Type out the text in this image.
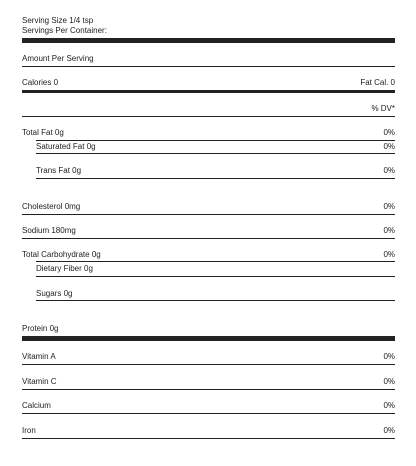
Serving Size 1/4 tsp
Servings Per Container:
Amount Per Serving
Calories 0	Fat Cal. 0
% DV*
Total Fat 0g	0%
Saturated Fat 0g	0%
Trans Fat 0g	0%
Cholesterol 0mg	0%
Sodium 180mg	0%
Total Carbohydrate 0g	0%
Dietary Fiber 0g
Sugars 0g
Protein 0g
Vitamin A	0%
Vitamin C	0%
Calcium	0%
Iron	0%
